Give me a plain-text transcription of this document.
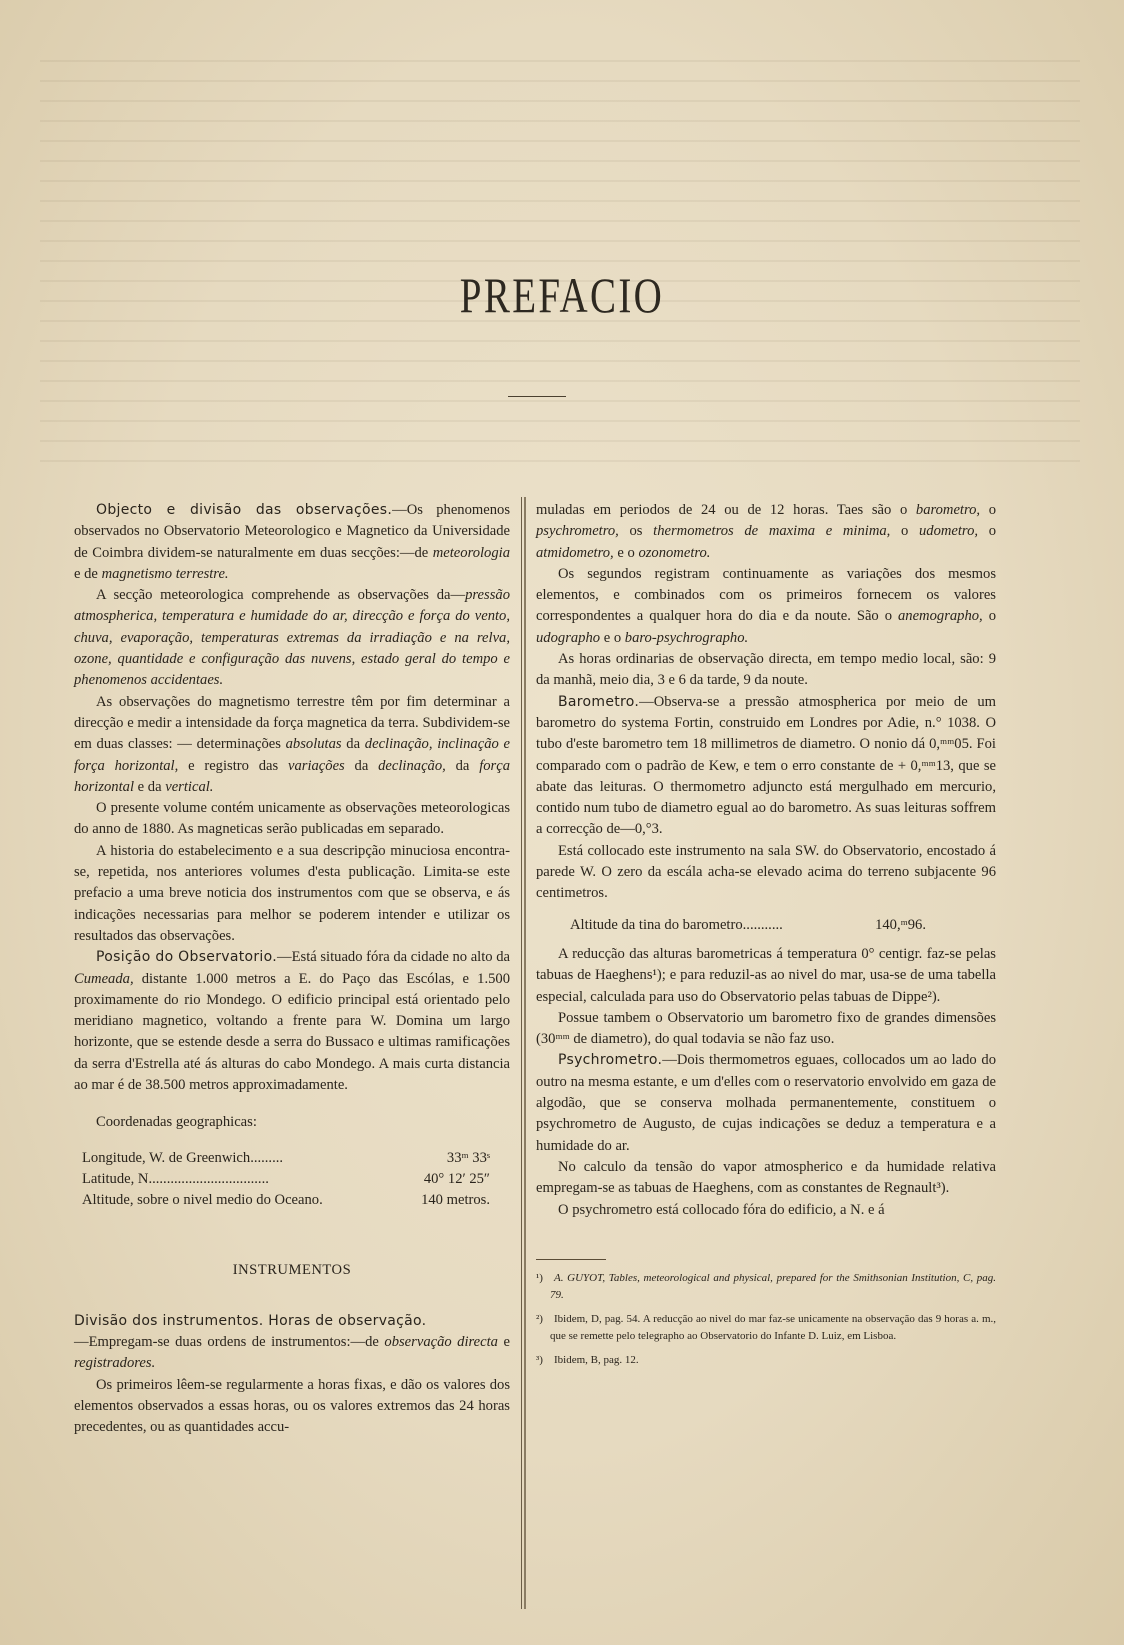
PREFACIO

Objecto e divisão das observações.—Os phenomenos observados no Observatorio Meteorologico e Magnetico da Universidade de Coimbra dividem-se naturalmente em duas secções:—de meteorologia e de magnetismo terrestre.

A secção meteorologica comprehende as observações da—pressão atmospherica, temperatura e humidade do ar, direcção e força do vento, chuva, evaporação, temperaturas extremas da irradiação e na relva, ozone, quantidade e configuração das nuvens, estado geral do tempo e phenomenos accidentaes.

As observações do magnetismo terrestre têm por fim determinar a direcção e medir a intensidade da força magnetica da terra. Subdividem-se em duas classes: — determinações absolutas da declinação, inclinação e força horizontal, e registro das variações da declinação, da força horizontal e da vertical.

O presente volume contém unicamente as observações meteorologicas do anno de 1880. As magneticas serão publicadas em separado.

A historia do estabelecimento e a sua descripção minuciosa encontra-se, repetida, nos anteriores volumes d'esta publicação. Limita-se este prefacio a uma breve noticia dos instrumentos com que se observa, e ás indicações necessarias para melhor se poderem intender e utilizar os resultados das observações.

Posição do Observatorio.—Está situado fóra da cidade no alto da Cumeada, distante 1.000 metros a E. do Paço das Escólas, e 1.500 proximamente do rio Mondego. O edificio principal está orientado pelo meridiano magnetico, voltando a frente para W. Domina um largo horizonte, que se estende desde a serra do Bussaco e ultimas ramificações da serra d'Estrella até ás alturas do cabo Mondego. A mais curta distancia ao mar é de 38.500 metros approximadamente.

Coordenadas geographicas:

Longitude, W. de Greenwich.........	33ᵐ 33ˢ
Latitude, N.................................	40° 12′ 25″
Altitude, sobre o nivel medio do Oceano.	140 metros.
INSTRUMENTOS

Divisão dos instrumentos. Horas de observação.
—Empregam-se duas ordens de instrumentos:—de observação directa e registradores.

Os primeiros lêem-se regularmente a horas fixas, e dão os valores dos elementos observados a essas horas, ou os valores extremos das 24 horas precedentes, ou as quantidades accu-

muladas em periodos de 24 ou de 12 horas. Taes são o barometro, o psychrometro, os thermometros de maxima e minima, o udometro, o atmidometro, e o ozonometro.

Os segundos registram continuamente as variações dos mesmos elementos, e combinados com os primeiros fornecem os valores correspondentes a qualquer hora do dia e da noute. São o anemographo, o udographo e o baro-psychrographo.

As horas ordinarias de observação directa, em tempo medio local, são: 9 da manhã, meio dia, 3 e 6 da tarde, 9 da noute.

Barometro.—Observa-se a pressão atmospherica por meio de um barometro do systema Fortin, construido em Londres por Adie, n.° 1038. O tubo d'este barometro tem 18 millimetros de diametro. O nonio dá 0,ᵐᵐ05. Foi comparado com o padrão de Kew, e tem o erro constante de + 0,ᵐᵐ13, que se abate das leituras. O thermometro adjuncto está mergulhado em mercurio, contido num tubo de diametro egual ao do barometro. As suas leituras soffrem a correcção de—0,°3.

Está collocado este instrumento na sala SW. do Observatorio, encostado á parede W. O zero da escála acha-se elevado acima do terreno subjacente 96 centimetros.

Altitude da tina do barometro...........	140,ᵐ96.

A reducção das alturas barometricas á temperatura 0° centigr. faz-se pelas tabuas de Haeghens¹); e para reduzil-as ao nivel do mar, usa-se de uma tabella especial, calculada para uso do Observatorio pelas tabuas de Dippe²).

Possue tambem o Observatorio um barometro fixo de grandes dimensões (30ᵐᵐ de diametro), do qual todavia se não faz uso.

Psychrometro.—Dois thermometros eguaes, collocados um ao lado do outro na mesma estante, e um d'elles com o reservatorio envolvido em gaza de algodão, que se conserva molhada permanentemente, constituem o psychrometro de Augusto, de cujas indicações se deduz a temperatura e a humidade do ar.

No calculo da tensão do vapor atmospherico e da humidade relativa empregam-se as tabuas de Haeghens, com as constantes de Regnault³).

O psychrometro está collocado fóra do edificio, a N. e á

¹) A. GUYOT, Tables, meteorological and physical, prepared for the Smithsonian Institution, C, pag. 79.

²) Ibidem, D, pag. 54. A reducção ao nivel do mar faz-se unicamente na observação das 9 horas a. m., que se remette pelo telegrapho ao Observatorio do Infante D. Luiz, em Lisboa.

³) Ibidem, B, pag. 12.
